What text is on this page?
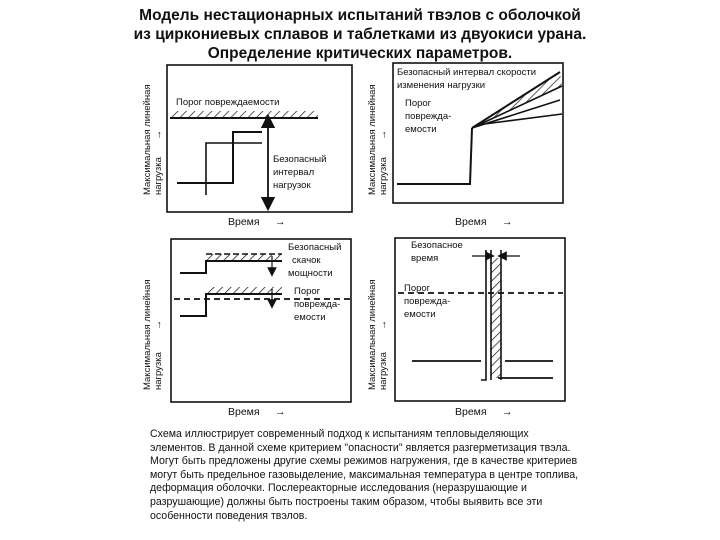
Модель нестационарных испытаний твэлов с оболочкой
из циркониевых сплавов и таблетками из двуокиси урана.
Определение критических параметров.
Максимальная линейная нагрузка
→
Время →
Порог повреждаемости
Безопасный
интервал
нагрузок	Максимальная линейная нагрузка
→
Время →
Безопасный интервал скорости
изменения нагрузки
Порог
поврежда-
емости
Максимальная линейная нагрузка
→
Время →
Безопасный
скачок
мощности
Порог
поврежда-
емости	Максимальная линейная нагрузка
→
Время →
Безопасное
время
Порог
поврежда-
емости

Схема иллюстрирует современный подход к испытаниям тепловыделяющих элементов. В данной схеме критерием "опасности" является разгерметизация твэла.

Могут быть предложены другие схемы режимов нагружения, где в качестве критериев могут быть предельное газовыделение, максимальная температура в центре топлива, деформация оболочки. Послереакторные исследования (неразрушающие и разрушающие) должны быть построены таким образом, чтобы выявить все эти особенности поведения твэлов.
